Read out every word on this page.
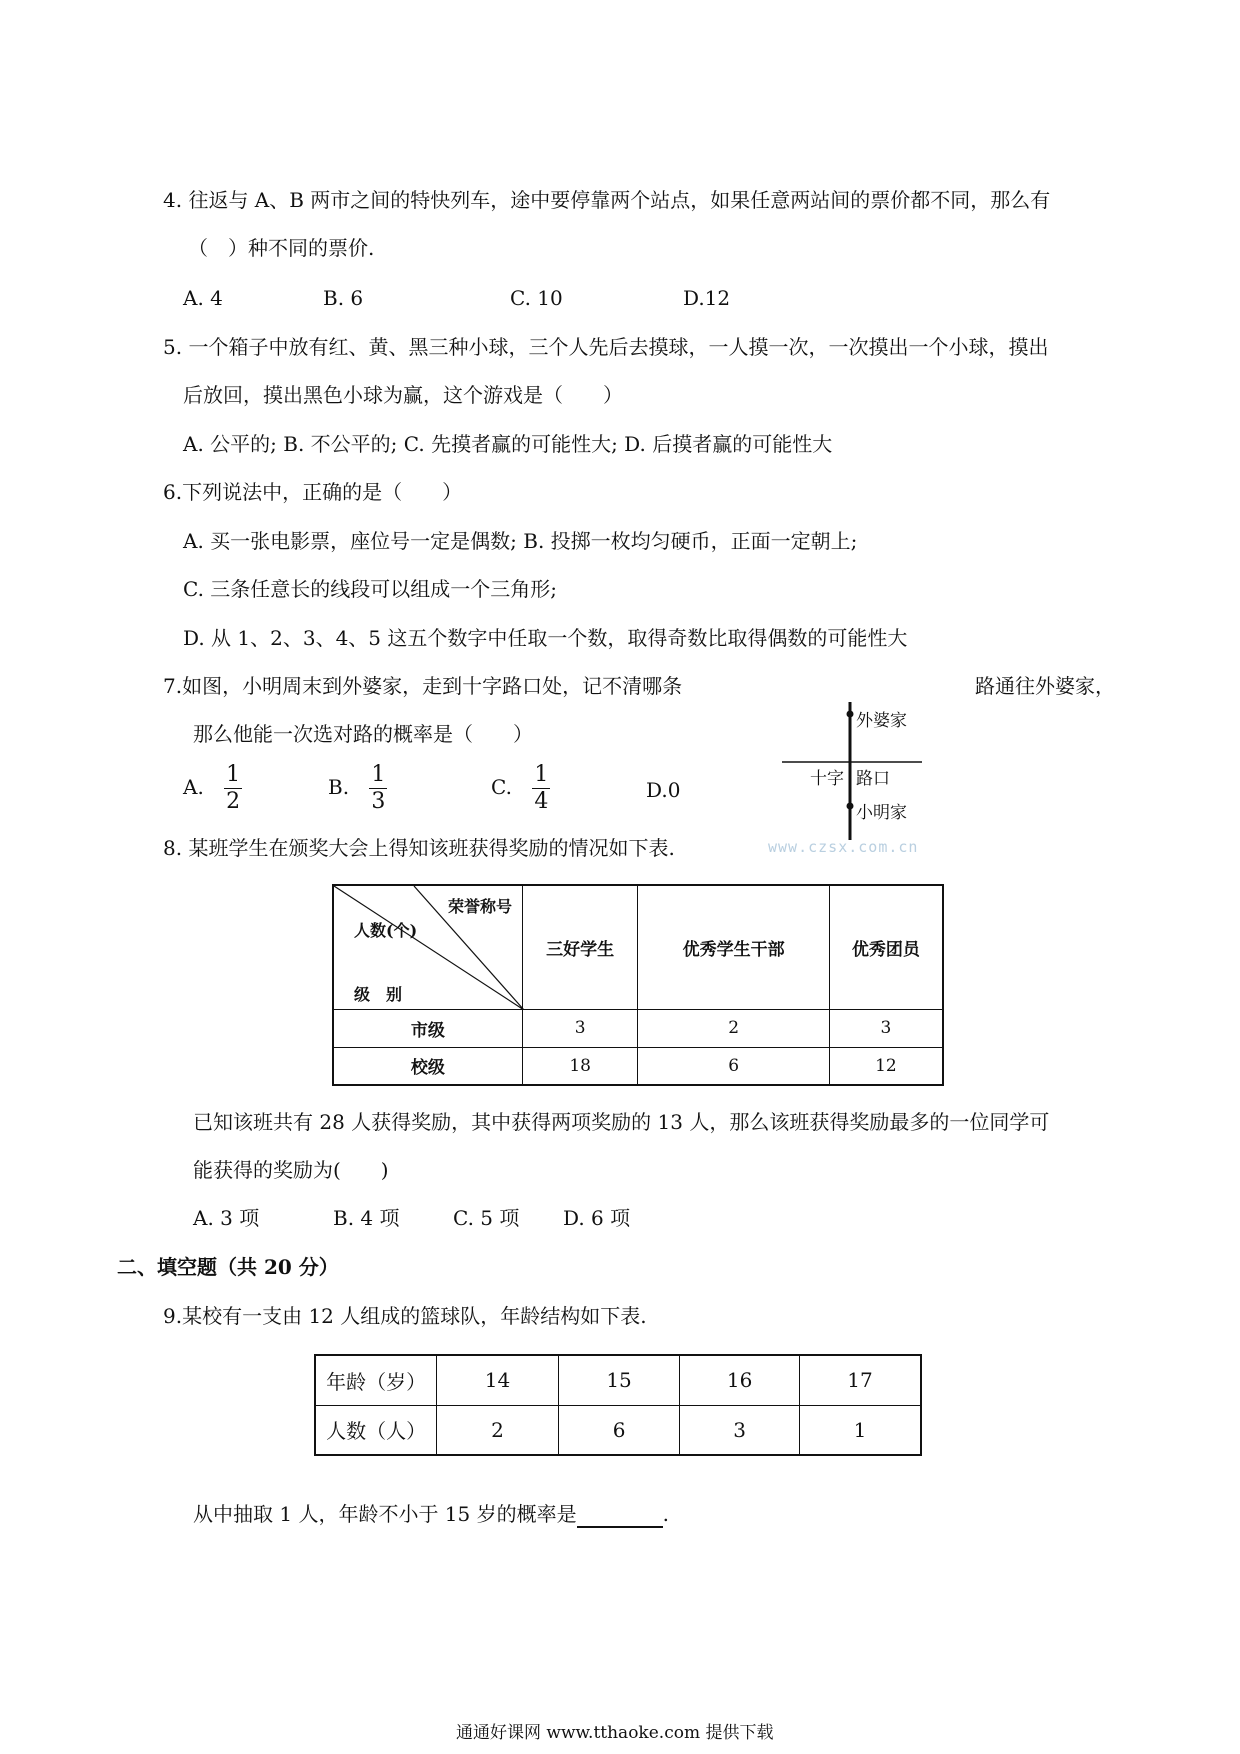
4. 往返与 A、B 两市之间的特快列车，途中要停靠两个站点，如果任意两站间的票价都不同，那么有
（　）种不同的票价.
A. 4	B. 6	C. 10	D.12
5. 一个箱子中放有红、黄、黑三种小球，三个人先后去摸球，一人摸一次，一次摸出一个小球，摸出
后放回，摸出黑色小球为赢，这个游戏是（　　）
A. 公平的; B. 不公平的; C. 先摸者赢的可能性大; D. 后摸者赢的可能性大
6.下列说法中，正确的是（　　）
A. 买一张电影票，座位号一定是偶数; B. 投掷一枚均匀硬币，正面一定朝上;
C. 三条任意长的线段可以组成一个三角形;
D. 从 1、2、3、4、5 这五个数字中任取一个数，取得奇数比取得偶数的可能性大
7.如图，小明周末到外婆家，走到十字路口处，记不清哪条	路通往外婆家，
那么他能一次选对路的概率是（　　）
A. $\frac{1}{2}$	B. $\frac{1}{3}$	C. $\frac{1}{4}$	D.0
外婆家
十字 路口
小明家
www.czsx.com.cn
8. 某班学生在颁奖大会上得知该班获得奖励的情况如下表.
荣誉称号
人数(个)
级　别	三好学生	优秀学生干部	优秀团员
市级	3	2	3
校级	18	6	12
已知该班共有 28 人获得奖励，其中获得两项奖励的 13 人，那么该班获得奖励最多的一位同学可
能获得的奖励为(　　)
A. 3 项	B. 4 项	C. 5 项 D. 6 项
二、填空题（共 20 分）
9.某校有一支由 12 人组成的篮球队，年龄结构如下表.
年龄（岁）	14	15	16	17
人数（人）	2	6	3	1
从中抽取 1 人，年龄不小于 15 岁的概率是	.
通通好课网 www.tthaoke.com 提供下载
